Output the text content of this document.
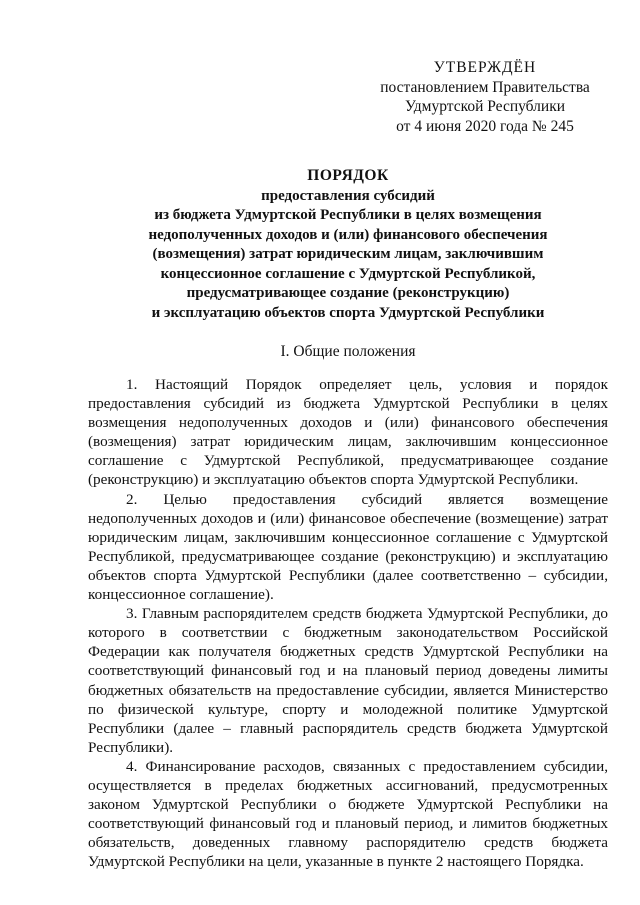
УТВЕРЖДЁН
постановлением Правительства
Удмуртской Республики
от 4 июня 2020 года № 245
ПОРЯДОК
предоставления субсидий
из бюджета Удмуртской Республики в целях возмещения
недополученных доходов и (или) финансового обеспечения
(возмещения) затрат юридическим лицам, заключившим
концессионное соглашение с Удмуртской Республикой,
предусматривающее создание (реконструкцию)
и эксплуатацию объектов спорта Удмуртской Республики
I. Общие положения

1. Настоящий Порядок определяет цель, условия и порядок предоставления субсидий из бюджета Удмуртской Республики в целях возмещения недополученных доходов и (или) финансового обеспечения (возмещения) затрат юридическим лицам, заключившим концессионное соглашение с Удмуртской Республикой, предусматривающее создание (реконструкцию) и эксплуатацию объектов спорта Удмуртской Республики.

2. Целью предоставления субсидий является возмещение недополученных доходов и (или) финансовое обеспечение (возмещение) затрат юридическим лицам, заключившим концессионное соглашение с Удмуртской Республикой, предусматривающее создание (реконструкцию) и эксплуатацию объектов спорта Удмуртской Республики (далее соответственно – субсидии, концессионное соглашение).

3. Главным распорядителем средств бюджета Удмуртской Республики, до которого в соответствии с бюджетным законодательством Российской Федерации как получателя бюджетных средств Удмуртской Республики на соответствующий финансовый год и на плановый период доведены лимиты бюджетных обязательств на предоставление субсидии, является Министерство по физической культуре, спорту и молодежной политике Удмуртской Республики (далее – главный распорядитель средств бюджета Удмуртской Республики).

4. Финансирование расходов, связанных с предоставлением субсидии, осуществляется в пределах бюджетных ассигнований, предусмотренных законом Удмуртской Республики о бюджете Удмуртской Республики на соответствующий финансовый год и плановый период, и лимитов бюджетных обязательств, доведенных главному распорядителю средств бюджета Удмуртской Республики на цели, указанные в пункте 2 настоящего Порядка.
